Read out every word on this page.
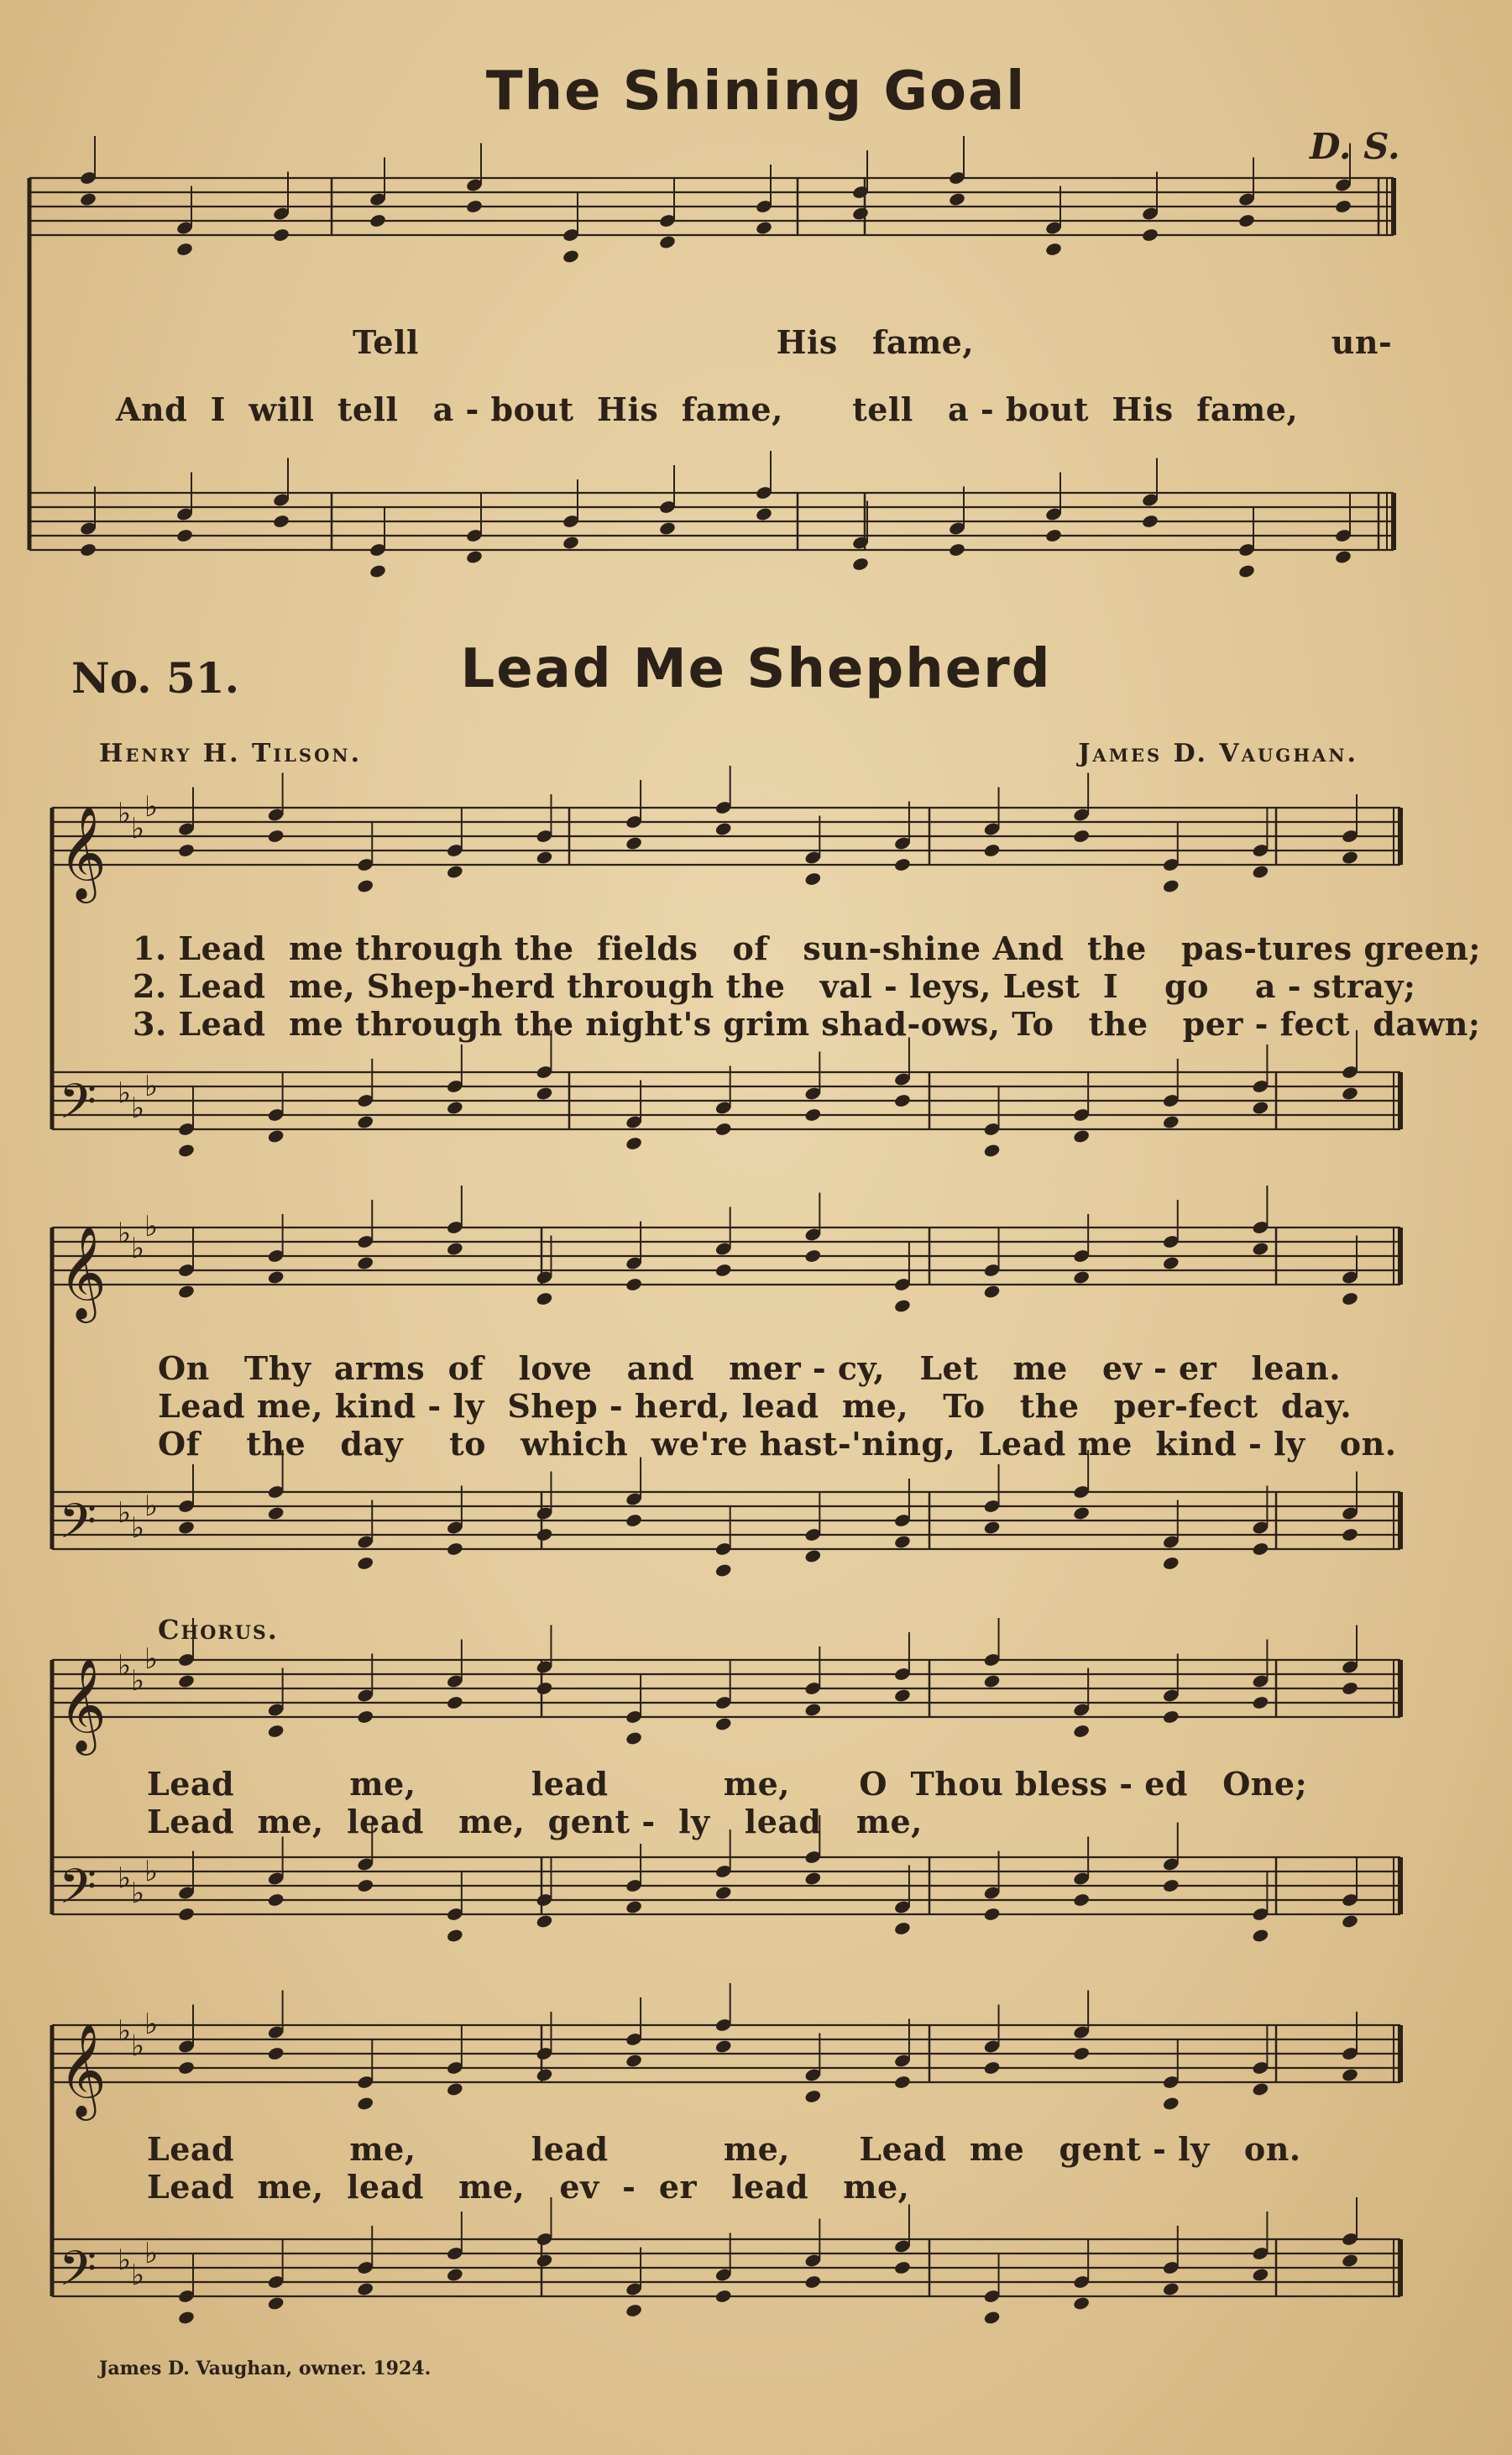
The Shining Goal
D. S.
Tell                               His   fame,                               un-
And  I  will  tell   a - bout  His  fame,      tell   a - bout  His  fame,
No. 51.	Lead Me Shepherd
Henry H. Tilson.	James D. Vaughan.
1. Lead  me through the  fields   of   sun-shine And  the   pas-tures green;
2. Lead  me, Shep-herd through the   val - leys, Lest  I    go    a - stray;
3. Lead  me through the night's grim shad-ows, To   the   per - fect  dawn;
On   Thy  arms  of   love   and   mer - cy,   Let   me   ev - er   lean.
Lead me, kind - ly  Shep - herd, lead  me,   To   the   per-fect  day.
Of    the   day    to   which  we're hast-'ning,  Lead me  kind - ly   on.
Chorus.
Lead          me,          lead          me,      O  Thou bless - ed   One;
Lead  me,  lead   me,  gent -  ly   lead   me,
Lead          me,          lead          me,      Lead  me   gent - ly   on.
Lead  me,  lead   me,   ev  -  er   lead   me,
James D. Vaughan, owner. 1924.
𝄞 ♭ ♭
♭
𝄢 ♭ ♭
♭
𝄞 ♭ ♭
♭
𝄢 ♭ ♭
♭
𝄞 ♭ ♭
♭
𝄢 ♭ ♭
♭
𝄞 ♭ ♭
♭
𝄢 ♭ ♭
♭
